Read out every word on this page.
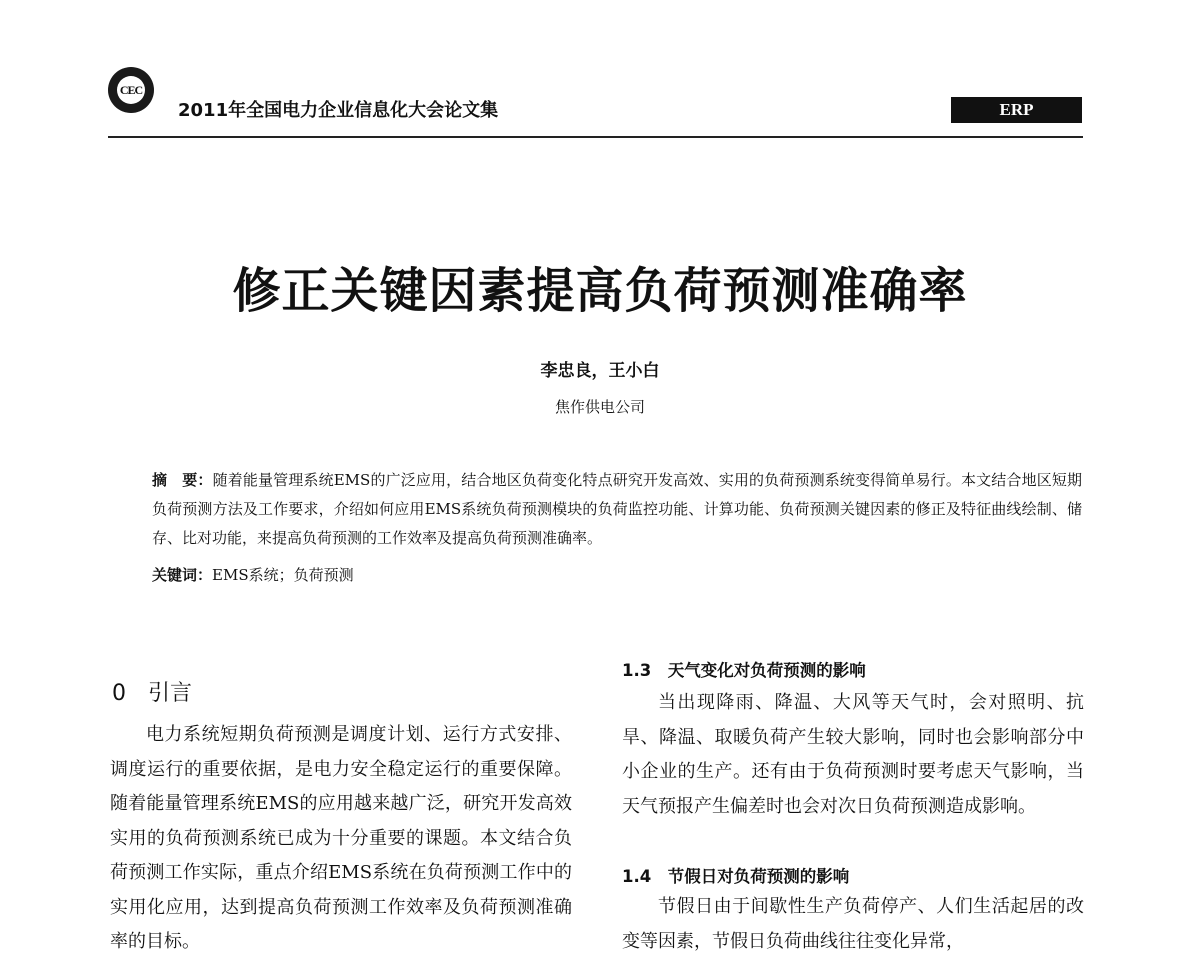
CEC
2011年全国电力企业信息化大会论文集	ERP
修正关键因素提高负荷预测准确率
李忠良，王小白
焦作供电公司
摘　要：随着能量管理系统EMS的广泛应用，结合地区负荷变化特点研究开发高效、实用的负荷预测系统变得简单易行。本文结合地区短期负荷预测方法及工作要求，介绍如何应用EMS系统负荷预测模块的负荷监控功能、计算功能、负荷预测关键因素的修正及特征曲线绘制、储存、比对功能，来提高负荷预测的工作效率及提高负荷预测准确率。
关键词：EMS系统；负荷预测
0　引言

电力系统短期负荷预测是调度计划、运行方式安排、调度运行的重要依据，是电力安全稳定运行的重要保障。随着能量管理系统EMS的应用越来越广泛，研究开发高效实用的负荷预测系统已成为十分重要的课题。本文结合负荷预测工作实际，重点介绍EMS系统在负荷预测工作中的实用化应用，达到提高负荷预测工作效率及负荷预测准确率的目标。

1.3　天气变化对负荷预测的影响

当出现降雨、降温、大风等天气时，会对照明、抗旱、降温、取暖负荷产生较大影响，同时也会影响部分中小企业的生产。还有由于负荷预测时要考虑天气影响，当天气预报产生偏差时也会对次日负荷预测造成影响。

1.4　节假日对负荷预测的影响

节假日由于间歇性生产负荷停产、人们生活起居的改变等因素，节假日负荷曲线往往变化异常，
